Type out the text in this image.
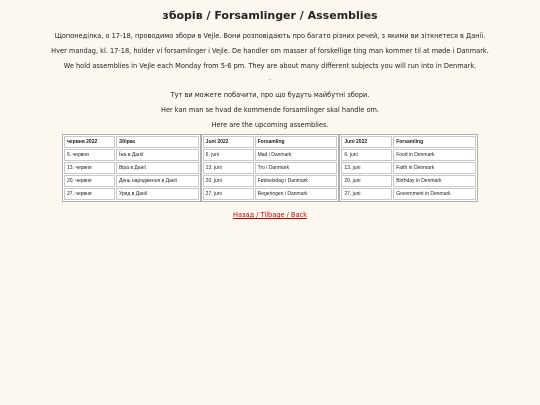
зборів / Forsamlinger / Assemblies

Щопонеділка, о 17-18, проводимо збори в Vejle. Вони розповідають про багато різних речей, з якими ви зіткнетеся в Данії.

Hver mandag, kl. 17-18, holder vi forsamlinger i Vejle. De handler om masser af forskellige ting man kommer til at møde i Danmark.

We hold assemblies in Vejle each Monday from 5-6 pm. They are about many different subjects you will run into in Denmark.

.

Тут ви можете побачити, про що будуть майбутні збори.

Her kan man se hvad de kommende forsamlinger skal handle om.

Here are the upcoming assemblies.

червня 2022	Збірка
6. червня	Їжа в Данії
13. червня	Віра в Данії
20. червня	День народження в Данії
27. червня	Уряд в Данії
Juni 2022	Forsamling
6. juni	Mad i Danmark
13. juni	Tro i Danmark
20. juni	Fødselsdag i Danmark
27. juni	Regeringen i Danmark
Juni 2022	Forsamling
6. juni	Food in Denmark
13. juni	Faith in Denmark
20. juni	Birthday in Denmark
27. juni	Government in Denmark

.

Назад / Tilbage / Back
